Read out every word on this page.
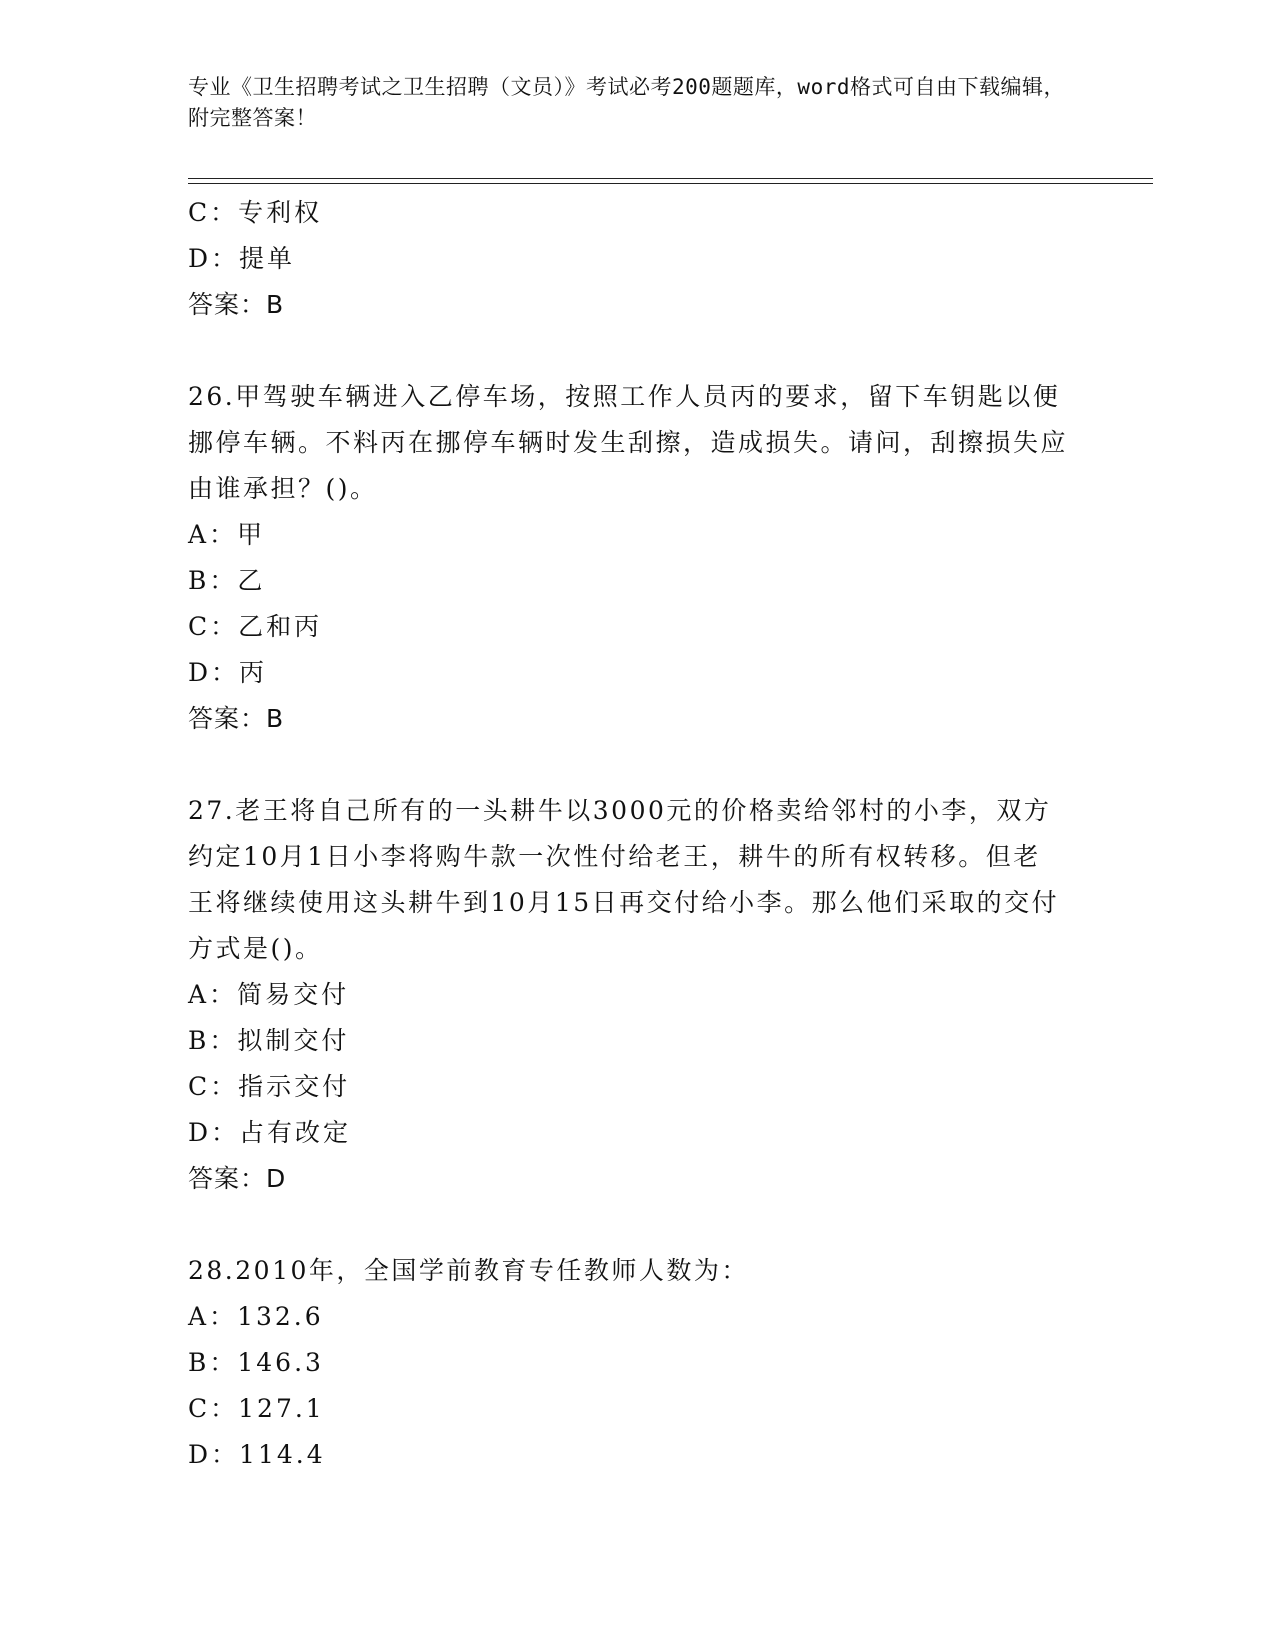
专业《卫生招聘考试之卫生招聘（文员）》考试必考200题题库，word格式可自由下载编辑，附完整答案！
C：专利权
D：提单
答案：B
26.甲驾驶车辆进入乙停车场，按照工作人员丙的要求，留下车钥匙以便挪停车辆。不料丙在挪停车辆时发生刮擦，造成损失。请问，刮擦损失应由谁承担？()。
A：甲
B：乙
C：乙和丙
D：丙
答案：B
27.老王将自己所有的一头耕牛以3000元的价格卖给邻村的小李，双方约定10月1日小李将购牛款一次性付给老王，耕牛的所有权转移。但老王将继续使用这头耕牛到10月15日再交付给小李。那么他们采取的交付方式是()。
A：简易交付
B：拟制交付
C：指示交付
D：占有改定
答案：D
28.2010年，全国学前教育专任教师人数为：
A：132.6
B：146.3
C：127.1
D：114.4
